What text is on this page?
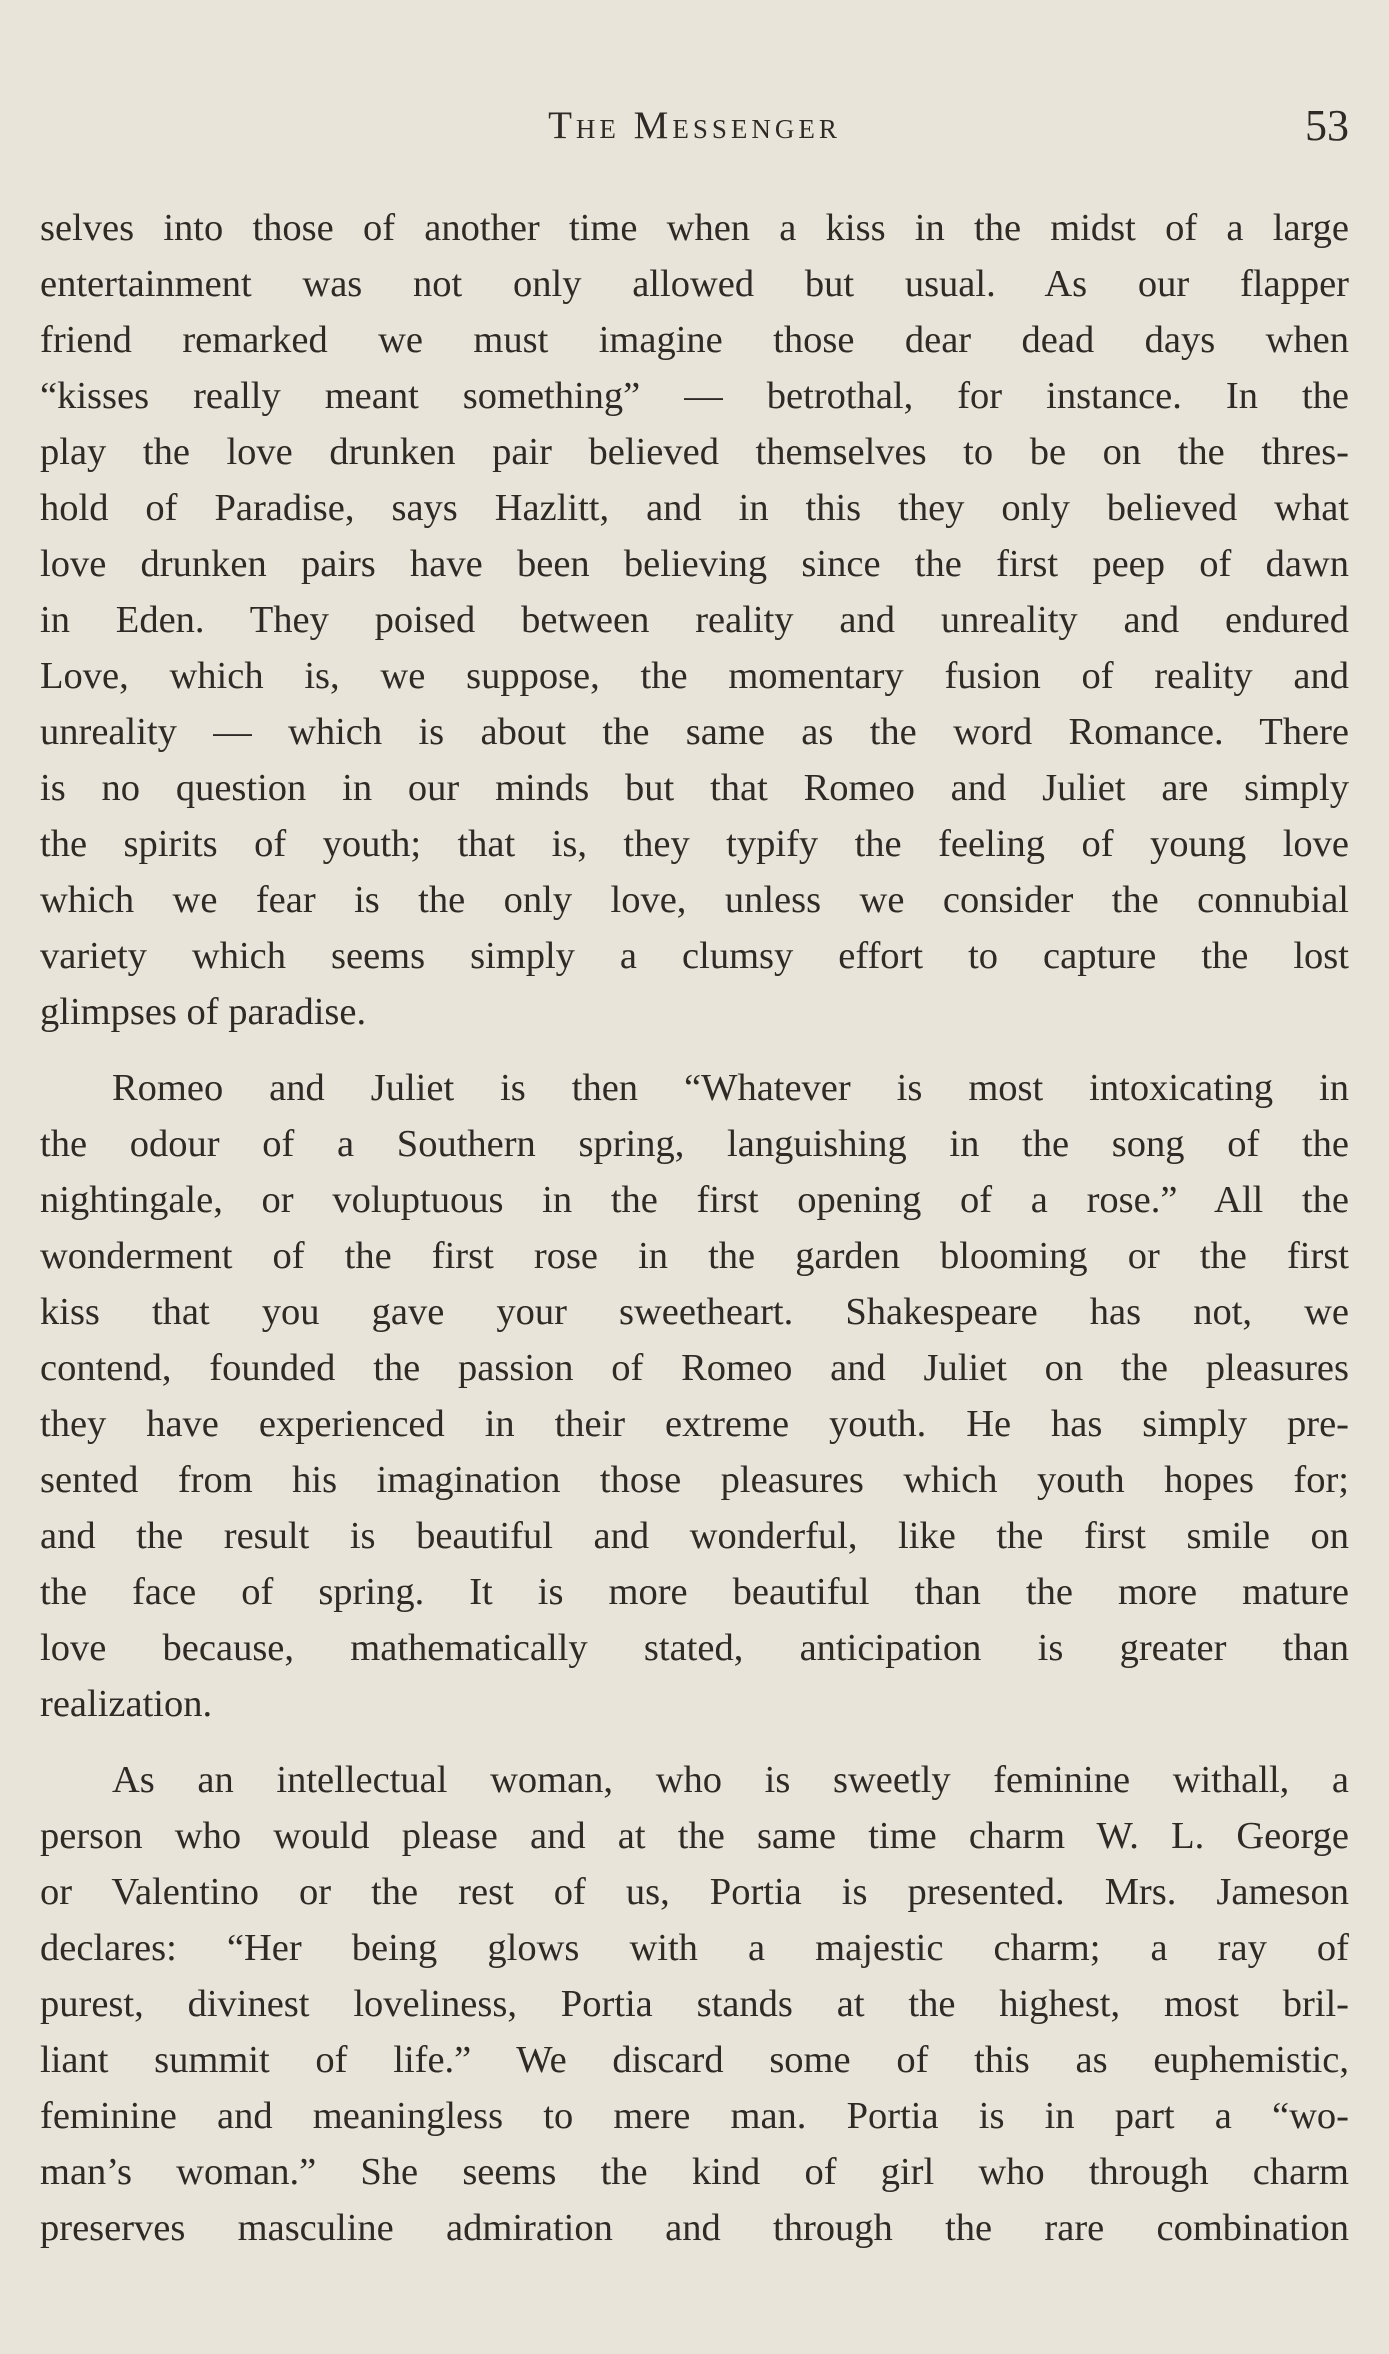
The Messenger	53

selves into those of another time when a kiss in the midst of a large
entertainment was not only allowed but usual. As our flapper
friend remarked we must imagine those dear dead days when
“kisses really meant something” — betrothal, for instance. In the
play the love drunken pair believed themselves to be on the thres-
hold of Paradise, says Hazlitt, and in this they only believed what
love drunken pairs have been believing since the first peep of dawn
in Eden. They poised between reality and unreality and endured
Love, which is, we suppose, the momentary fusion of reality and
unreality — which is about the same as the word Romance. There
is no question in our minds but that Romeo and Juliet are simply
the spirits of youth; that is, they typify the feeling of young love
which we fear is the only love, unless we consider the connubial
variety which seems simply a clumsy effort to capture the lost
glimpses of paradise.

Romeo and Juliet is then “Whatever is most intoxicating in
the odour of a Southern spring, languishing in the song of the
nightingale, or voluptuous in the first opening of a rose.” All the
wonderment of the first rose in the garden blooming or the first
kiss that you gave your sweetheart. Shakespeare has not, we
contend, founded the passion of Romeo and Juliet on the pleasures
they have experienced in their extreme youth. He has simply pre-
sented from his imagination those pleasures which youth hopes for;
and the result is beautiful and wonderful, like the first smile on
the face of spring. It is more beautiful than the more mature
love because, mathematically stated, anticipation is greater than
realization.

As an intellectual woman, who is sweetly feminine withall, a
person who would please and at the same time charm W. L. George
or Valentino or the rest of us, Portia is presented. Mrs. Jameson
declares: “Her being glows with a majestic charm; a ray of
purest, divinest loveliness, Portia stands at the highest, most bril-
liant summit of life.” We discard some of this as euphemistic,
feminine and meaningless to mere man. Portia is in part a “wo-
man’s woman.” She seems the kind of girl who through charm
preserves masculine admiration and through the rare combination
